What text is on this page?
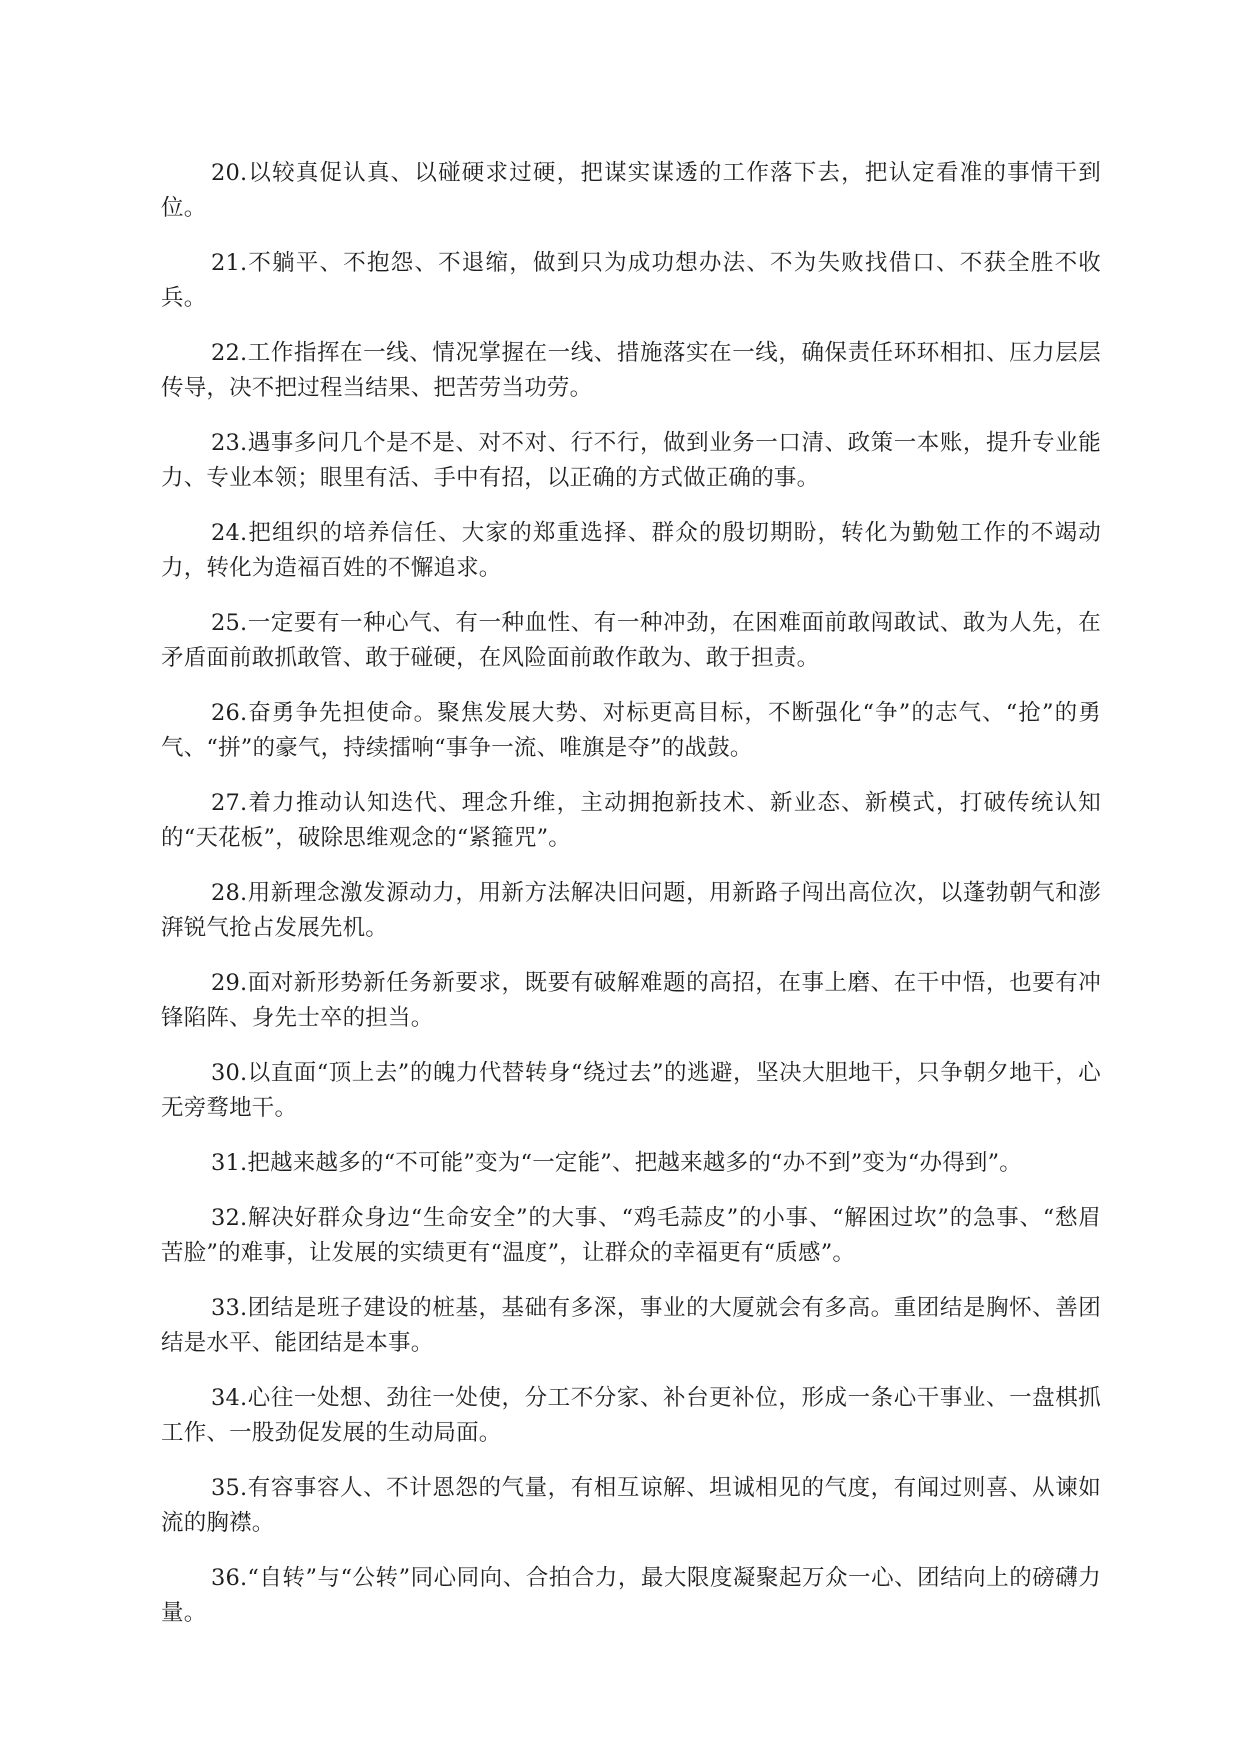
20.以较真促认真、以碰硬求过硬，把谋实谋透的工作落下去，把认定看准的事情干到位。

21.不躺平、不抱怨、不退缩，做到只为成功想办法、不为失败找借口、不获全胜不收兵。

22.工作指挥在一线、情况掌握在一线、措施落实在一线，确保责任环环相扣、压力层层传导，决不把过程当结果、把苦劳当功劳。

23.遇事多问几个是不是、对不对、行不行，做到业务一口清、政策一本账，提升专业能力、专业本领；眼里有活、手中有招，以正确的方式做正确的事。

24.把组织的培养信任、大家的郑重选择、群众的殷切期盼，转化为勤勉工作的不竭动力，转化为造福百姓的不懈追求。

25.一定要有一种心气、有一种血性、有一种冲劲，在困难面前敢闯敢试、敢为人先，在矛盾面前敢抓敢管、敢于碰硬，在风险面前敢作敢为、敢于担责。

26.奋勇争先担使命。聚焦发展大势、对标更高目标，不断强化“争”的志气、“抢”的勇气、“拼”的豪气，持续擂响“事争一流、唯旗是夺”的战鼓。

27.着力推动认知迭代、理念升维，主动拥抱新技术、新业态、新模式，打破传统认知的“天花板”，破除思维观念的“紧箍咒”。

28.用新理念激发源动力，用新方法解决旧问题，用新路子闯出高位次，以蓬勃朝气和澎湃锐气抢占发展先机。

29.面对新形势新任务新要求，既要有破解难题的高招，在事上磨、在干中悟，也要有冲锋陷阵、身先士卒的担当。

30.以直面“顶上去”的魄力代替转身“绕过去”的逃避，坚决大胆地干，只争朝夕地干，心无旁骛地干。

31.把越来越多的“不可能”变为“一定能”、把越来越多的“办不到”变为“办得到”。

32.解决好群众身边“生命安全”的大事、“鸡毛蒜皮”的小事、“解困过坎”的急事、“愁眉苦脸”的难事，让发展的实绩更有“温度”，让群众的幸福更有“质感”。

33.团结是班子建设的桩基，基础有多深，事业的大厦就会有多高。重团结是胸怀、善团结是水平、能团结是本事。

34.心往一处想、劲往一处使，分工不分家、补台更补位，形成一条心干事业、一盘棋抓工作、一股劲促发展的生动局面。

35.有容事容人、不计恩怨的气量，有相互谅解、坦诚相见的气度，有闻过则喜、从谏如流的胸襟。

36.“自转”与“公转”同心同向、合拍合力，最大限度凝聚起万众一心、团结向上的磅礴力量。
